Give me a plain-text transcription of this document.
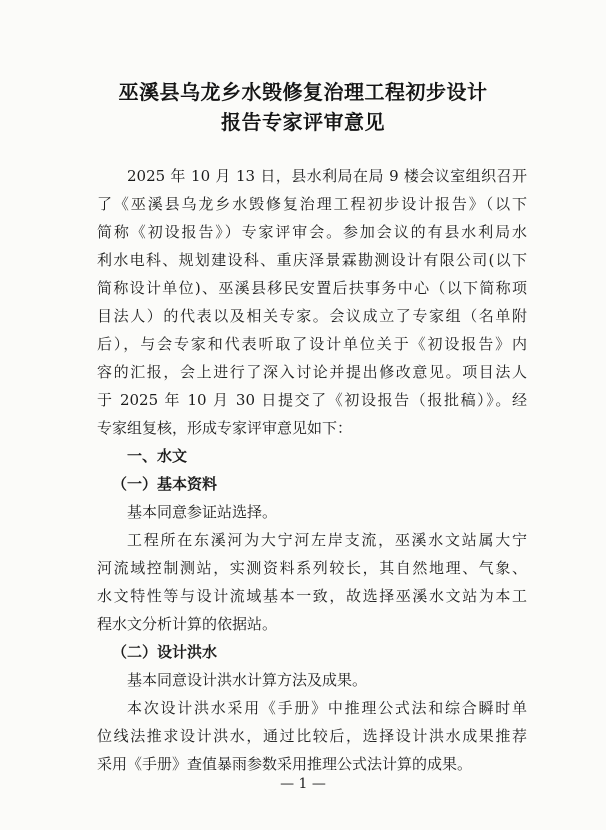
巫溪县乌龙乡水毁修复治理工程初步设计
报告专家评审意见
2025 年 10 月 13 日，县水利局在局 9 楼会议室组织召开
了《巫溪县乌龙乡水毁修复治理工程初步设计报告》（以下
简称《初设报告》）专家评审会。参加会议的有县水利局水
利水电科、规划建设科、重庆泽景霖勘测设计有限公司(以下
简称设计单位)、巫溪县移民安置后扶事务中心（以下简称项
目法人）的代表以及相关专家。会议成立了专家组（名单附
后），与会专家和代表听取了设计单位关于《初设报告》内
容的汇报，会上进行了深入讨论并提出修改意见。项目法人
于 2025 年 10 月 30 日提交了《初设报告（报批稿）》。经
专家组复核，形成专家评审意见如下：
一、水文
（一）基本资料
基本同意参证站选择。
工程所在东溪河为大宁河左岸支流，巫溪水文站属大宁
河流域控制测站，实测资料系列较长，其自然地理、气象、
水文特性等与设计流域基本一致，故选择巫溪水文站为本工
程水文分析计算的依据站。
（二）设计洪水
基本同意设计洪水计算方法及成果。
本次设计洪水采用《手册》中推理公式法和综合瞬时单
位线法推求设计洪水，通过比较后，选择设计洪水成果推荐
采用《手册》查值暴雨参数采用推理公式法计算的成果。
— 1 —
